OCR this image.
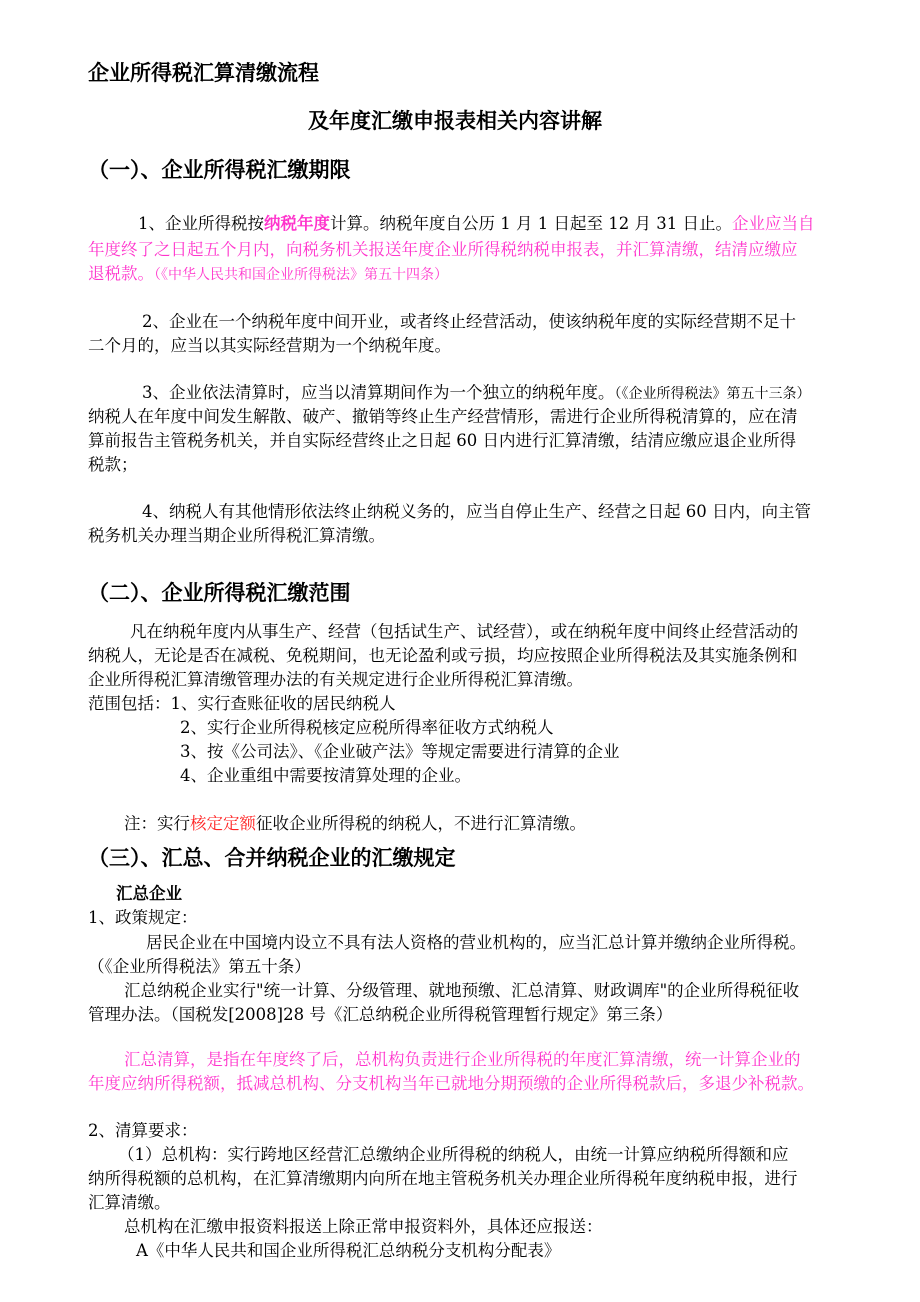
企业所得税汇算清缴流程
及年度汇缴申报表相关内容讲解
（一）、企业所得税汇缴期限
1、企业所得税按纳税年度计算。纳税年度自公历 1 月 1 日起至 12 月 31 日止。企业应当自
年度终了之日起五个月内，向税务机关报送年度企业所得税纳税申报表，并汇算清缴，结清应缴应
退税款。（《中华人民共和国企业所得税法》第五十四条）
2、企业在一个纳税年度中间开业，或者终止经营活动，使该纳税年度的实际经营期不足十
二个月的，应当以其实际经营期为一个纳税年度。
3、企业依法清算时，应当以清算期间作为一个独立的纳税年度。（《企业所得税法》第五十三条）
纳税人在年度中间发生解散、破产、撤销等终止生产经营情形，需进行企业所得税清算的，应在清
算前报告主管税务机关，并自实际经营终止之日起 60 日内进行汇算清缴，结清应缴应退企业所得
税款；
4、纳税人有其他情形依法终止纳税义务的，应当自停止生产、经营之日起 60 日内，向主管
税务机关办理当期企业所得税汇算清缴。
（二）、企业所得税汇缴范围
凡在纳税年度内从事生产、经营（包括试生产、试经营），或在纳税年度中间终止经营活动的
纳税人，无论是否在减税、免税期间，也无论盈利或亏损，均应按照企业所得税法及其实施条例和
企业所得税汇算清缴管理办法的有关规定进行企业所得税汇算清缴。
范围包括：1、实行查账征收的居民纳税人
2、实行企业所得税核定应税所得率征收方式纳税人
3、按《公司法》、《企业破产法》等规定需要进行清算的企业
4、企业重组中需要按清算处理的企业。
注：实行核定定额征收企业所得税的纳税人，不进行汇算清缴。
（三）、汇总、合并纳税企业的汇缴规定
汇总企业
1、政策规定：
居民企业在中国境内设立不具有法人资格的营业机构的，应当汇总计算并缴纳企业所得税。
（《企业所得税法》第五十条）
汇总纳税企业实行"统一计算、分级管理、就地预缴、汇总清算、财政调库"的企业所得税征收
管理办法。（国税发[2008]28 号《汇总纳税企业所得税管理暂行规定》第三条）
汇总清算，是指在年度终了后，总机构负责进行企业所得税的年度汇算清缴，统一计算企业的
年度应纳所得税额，抵减总机构、分支机构当年已就地分期预缴的企业所得税款后，多退少补税款。
2、清算要求：
（1）总机构：实行跨地区经营汇总缴纳企业所得税的纳税人，由统一计算应纳税所得额和应
纳所得税额的总机构，在汇算清缴期内向所在地主管税务机关办理企业所得税年度纳税申报，进行
汇算清缴。
总机构在汇缴申报资料报送上除正常申报资料外，具体还应报送：
A《中华人民共和国企业所得税汇总纳税分支机构分配表》
